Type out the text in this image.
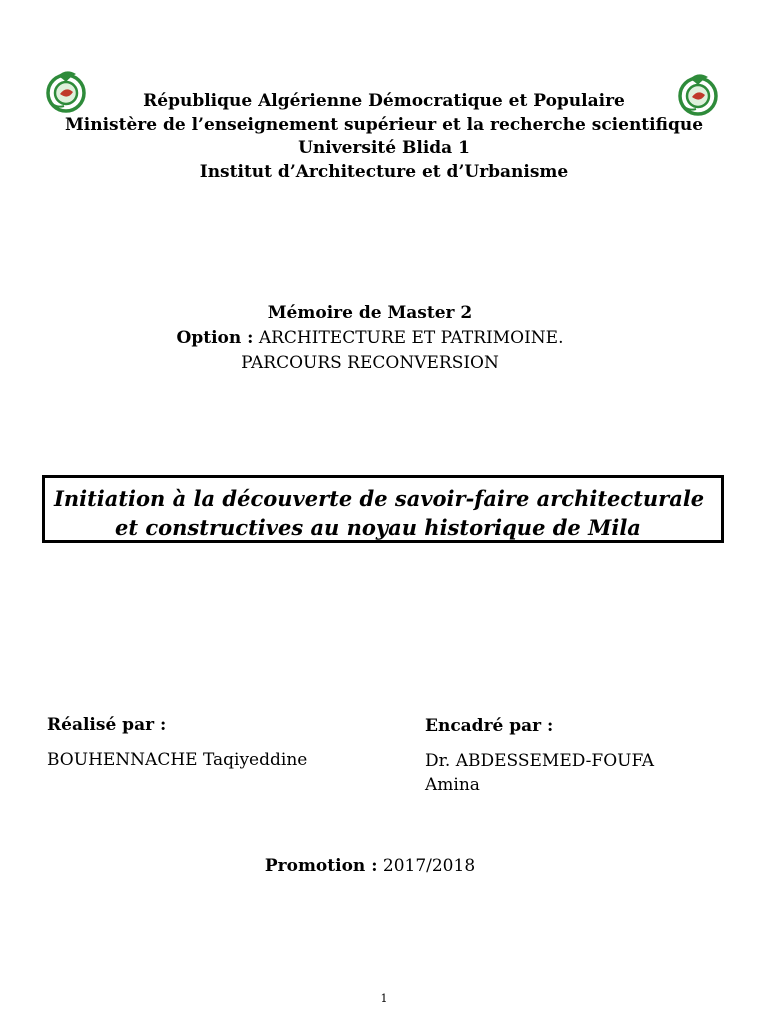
République Algérienne Démocratique et Populaire
Ministère de l’enseignement supérieur et la recherche scientifique
Université Blida 1
Institut d’Architecture et d’Urbanisme
Mémoire de Master 2
Option : ARCHITECTURE ET PATRIMOINE.
PARCOURS RECONVERSION
Initiation à la découverte de savoir-faire architecturale
et constructives au noyau historique de Mila
Réalisé par :
BOUHENNACHE Taqiyeddine
Encadré par :
Dr. ABDESSEMED-FOUFA
Amina
Promotion : 2017/2018
1
